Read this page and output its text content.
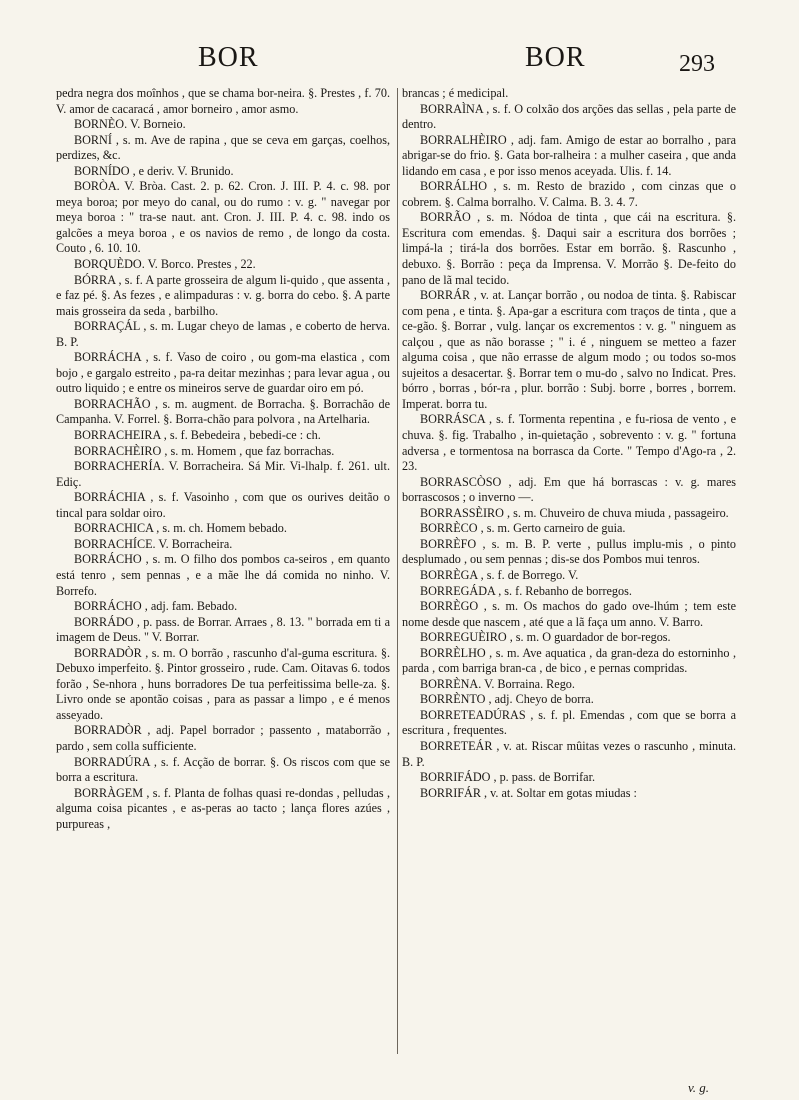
BOR	BOR	293
pedra negra dos moînhos , que se chama bor-neira. §. Prestes , f. 70. V. amor de cacaracá , amor borneiro , amor asmo.
BORNÈO. V. Borneio.
BORNÍ , s. m. Ave de rapina , que se ceva em garças, coelhos, perdizes, &c.
BORNÍDO , e deriv. V. Brunido.
BORÒA. V. Bròa. Cast. 2. p. 62. Cron. J. III. P. 4. c. 98. por meya boroa; por meyo do canal, ou do rumo : v. g. " navegar por meya boroa : " tra-se naut. ant. Cron. J. III. P. 4. c. 98. indo os galcões a meya boroa , e os navios de remo , de longo da costa. Couto , 6. 10. 10.
BORQUÈDO. V. Borco. Prestes , 22.
BÓRRA , s. f. A parte grosseira de algum li-quido , que assenta , e faz pé. §. As fezes , e alimpaduras : v. g. borra do cebo. §. A parte mais grosseira da seda , barbilho.
BORRAÇÁL , s. m. Lugar cheyo de lamas , e coberto de herva. B. P.
BORRÁCHA , s. f. Vaso de coiro , ou gom-ma elastica , com bojo , e gargalo estreito , pa-ra deitar mezinhas ; para levar agua , ou outro liquido ; e entre os mineiros serve de guardar oiro em pó.
BORRACHÃO , s. m. augment. de Borracha. §. Borrachão de Campanha. V. Forrel. §. Borra-chão para polvora , na Artelharia.
BORRACHEIRA , s. f. Bebedeira , bebedi-ce : ch.
BORRACHÈIRO , s. m. Homem , que faz borrachas.
BORRACHERÍA. V. Borracheira. Sá Mir. Vi-lhalp. f. 261. ult. Ediç.
BORRÁCHIA , s. f. Vasoinho , com que os ourives deitão o tincal para soldar oiro.
BORRACHICA , s. m. ch. Homem bebado.
BORRACHÍCE. V. Borracheira.
BORRÁCHO , s. m. O filho dos pombos ca-seiros , em quanto está tenro , sem pennas , e a mãe lhe dá comida no ninho. V. Borrefo.
BORRÁCHO , adj. fam. Bebado.
BORRÁDO , p. pass. de Borrar. Arraes , 8. 13. " borrada em ti a imagem de Deus. " V. Borrar.
BORRADÒR , s. m. O borrão , rascunho d'al-guma escritura. §. Debuxo imperfeito. §. Pintor grosseiro , rude. Cam. Oitavas 6. todos forão , Se-nhora , huns borradores De tua perfeitissima belle-za. §. Livro onde se apontão coisas , para as passar a limpo , e é menos asseyado.
BORRADÒR , adj. Papel borrador ; passento , mataborrão , pardo , sem colla sufficiente.
BORRADÚRA , s. f. Acção de borrar. §. Os riscos com que se borra a escritura.
BORRÀGEM , s. f. Planta de folhas quasi re-dondas , pelludas , alguma coisa picantes , e as-peras ao tacto ; lança flores azúes , purpureas ,
brancas ; é medicipal.
BORRAÌNA , s. f. O colxão dos arções das sellas , pela parte de dentro.
BORRALHÈIRO , adj. fam. Amigo de estar ao borralho , para abrigar-se do frio. §. Gata bor-ralheira : a mulher caseira , que anda lidando em casa , e por isso menos aceyada. Ulis. f. 14.
BORRÁLHO , s. m. Resto de brazido , com cinzas que o cobrem. §. Calma borralho. V. Calma. B. 3. 4. 7.
BORRÃO , s. m. Nódoa de tinta , que cái na escritura. §. Escritura com emendas. §. Daqui sair a escritura dos borrões ; limpá-la ; tirá-la dos borrões. Estar em borrão. §. Rascunho , debuxo. §. Borrão : peça da Imprensa. V. Morrão §. De-feito do pano de lã mal tecido.
BORRÁR , v. at. Lançar borrão , ou nodoa de tinta. §. Rabiscar com pena , e tinta. §. Apa-gar a escritura com traços de tinta , que a ce-gão. §. Borrar , vulg. lançar os excrementos : v. g. " ninguem as calçou , que as não borasse ; " i. é , ninguem se metteo a fazer alguma coisa , que não errasse de algum modo ; ou todos so-mos sujeitos a desacertar. §. Borrar tem o mu-do , salvo no Indicat. Pres. bórro , borras , bór-ra , plur. borrão : Subj. borre , borres , borrem. Imperat. borra tu.
BORRÁSCA , s. f. Tormenta repentina , e fu-riosa de vento , e chuva. §. fig. Trabalho , in-quietação , sobrevento : v. g. " fortuna adversa , e tormentosa na borrasca da Corte. " Tempo d'Ago-ra , 2. 23.
BORRASCÒSO , adj. Em que há borrascas : v. g. mares borrascosos ; o inverno —.
BORRASSÈIRO , s. m. Chuveiro de chuva miuda , passageiro.
BORRÈCO , s. m. Gerto carneiro de guia.
BORRÈFO , s. m. B. P. verte , pullus implu-mis , o pinto desplumado , ou sem pennas ; dis-se dos Pombos mui tenros.
BORRÈGA , s. f. de Borrego. V.
BORREGÁDA , s. f. Rebanho de borregos.
BORRÈGO , s. m. Os machos do gado ove-lhúm ; tem este nome desde que nascem , até que a lã faça um anno. V. Barro.
BORREGUÈIRO , s. m. O guardador de bor-regos.
BORRÈLHO , s. m. Ave aquatica , da gran-deza do estorninho , parda , com barriga bran-ca , de bico , e pernas compridas.
BORRÈNA. V. Borraina. Rego.
BORRÈNTO , adj. Cheyo de borra.
BORRETEADÚRAS , s. f. pl. Emendas , com que se borra a escritura , frequentes.
BORRETEÁR , v. at. Riscar mûitas vezes o rascunho , minuta. B. P.
BORRIFÁDO , p. pass. de Borrifar.
BORRIFÁR , v. at. Soltar em gotas miudas :
v. g.
